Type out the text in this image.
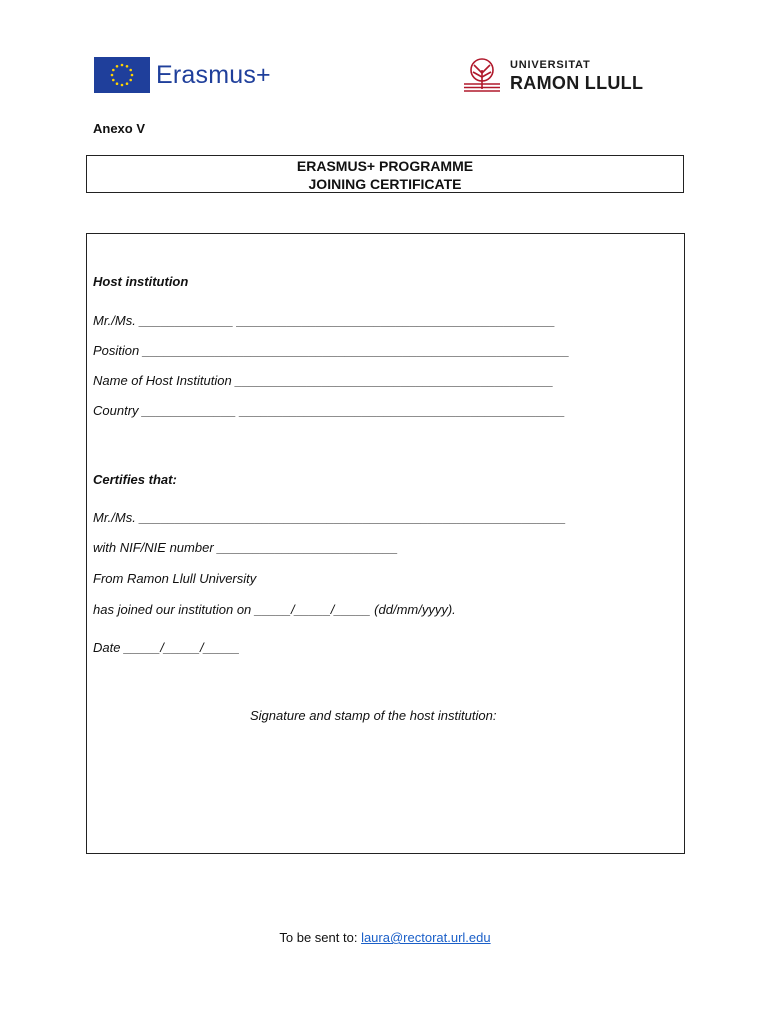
Erasmus+	UNIVERSITAT
RAMON LLULL
Anexo V
ERASMUS+ PROGRAMME
JOINING CERTIFICATE
Host institution
Mr./Ms. _____________ ____________________________________________
Position ___________________________________________________________
Name of Host Institution ____________________________________________
Country _____________ _____________________________________________
Certifies that:
Mr./Ms. ___________________________________________________________
with NIF/NIE number _________________________
From Ramon Llull University
has joined our institution on _____/_____/_____ (dd/mm/yyyy).
Date _____/_____/_____
Signature and stamp of the host institution:
To be sent to: laura@rectorat.url.edu
